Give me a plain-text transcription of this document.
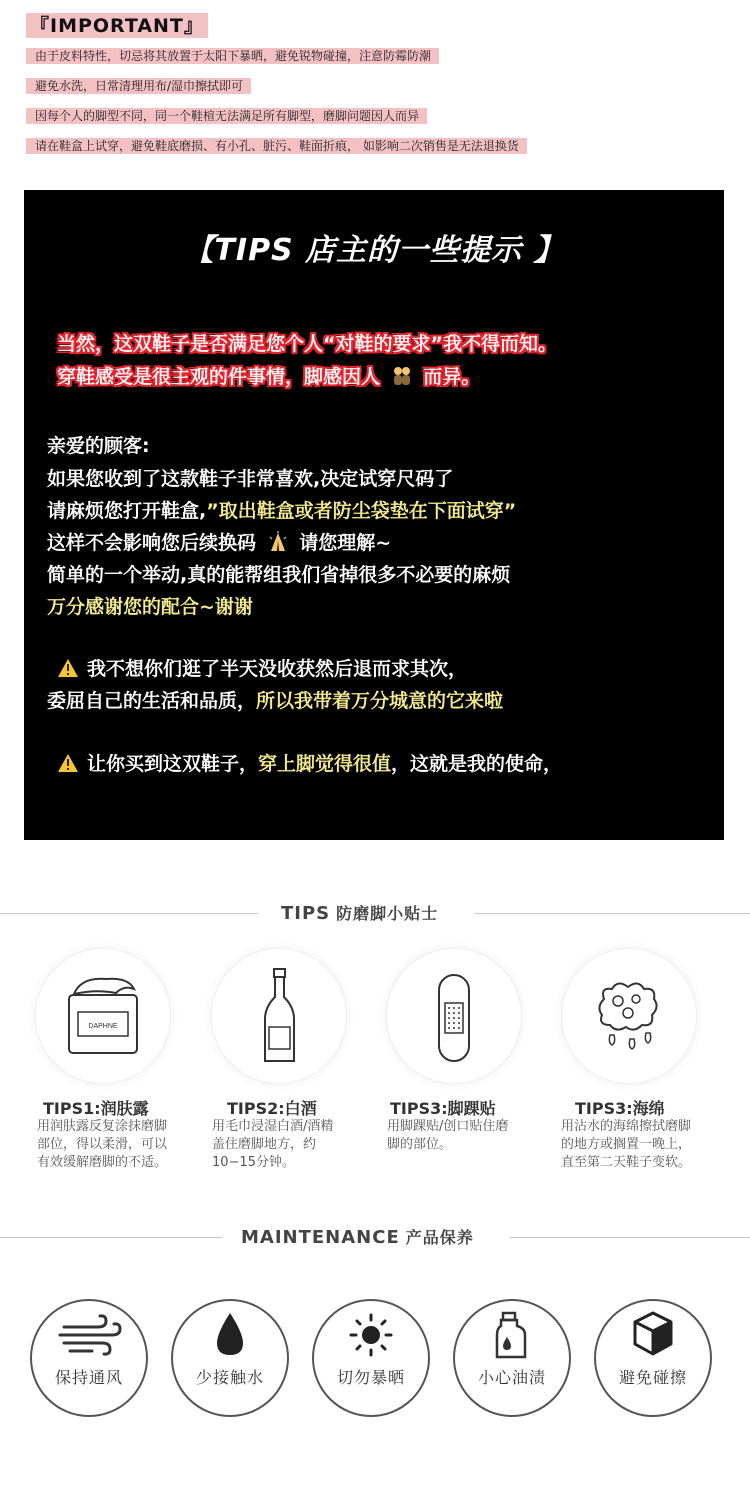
『IMPORTANT』
由于皮料特性，切忌将其放置于太阳下暴晒，避免锐物碰撞，注意防霉防潮
避免水洗，日常清理用布/湿巾擦拭即可
因每个人的脚型不同，同一个鞋楦无法满足所有脚型，磨脚问题因人而异
请在鞋盒上试穿，避免鞋底磨损、有小孔、脏污、鞋面折痕， 如影响二次销售是无法退换货
【TIPS 店主的一些提示 】
当然，这双鞋子是否满足您个人“对鞋的要求”我不得而知。
穿鞋感受是很主观的件事情，脚感因人 而异。
亲爱的顾客:
如果您收到了这款鞋子非常喜欢,决定试穿尺码了
请麻烦您打开鞋盒,”取出鞋盒或者防尘袋垫在下面试穿”
这样不会影响您后续换码 请您理解~
简单的一个举动,真的能帮组我们省掉很多不必要的麻烦
万分感谢您的配合~谢谢
我不想你们逛了半天没收获然后退而求其次，
委屈自己的生活和品质，所以我带着万分城意的它来啦
让你买到这双鞋子，穿上脚觉得很值，这就是我的使命，
TIPS 防磨脚小贴士
DAPHNE
TIPS1:润肤露
用润肤露反复涂抹磨脚部位，得以柔滑，可以有效缓解磨脚的不适。
TIPS2:白酒
用毛巾浸湿白酒/酒精盖住磨脚地方，约10−15分钟。
TIPS3:脚踝贴
用脚踝贴/创口贴住磨脚的部位。
TIPS3:海绵
用沾水的海绵擦拭磨脚的地方或搁置一晚上，直至第二天鞋子变软。
MAINTENANCE 产品保养
保持通风	少接触水	切勿暴晒	小心油渍	避免碰擦
